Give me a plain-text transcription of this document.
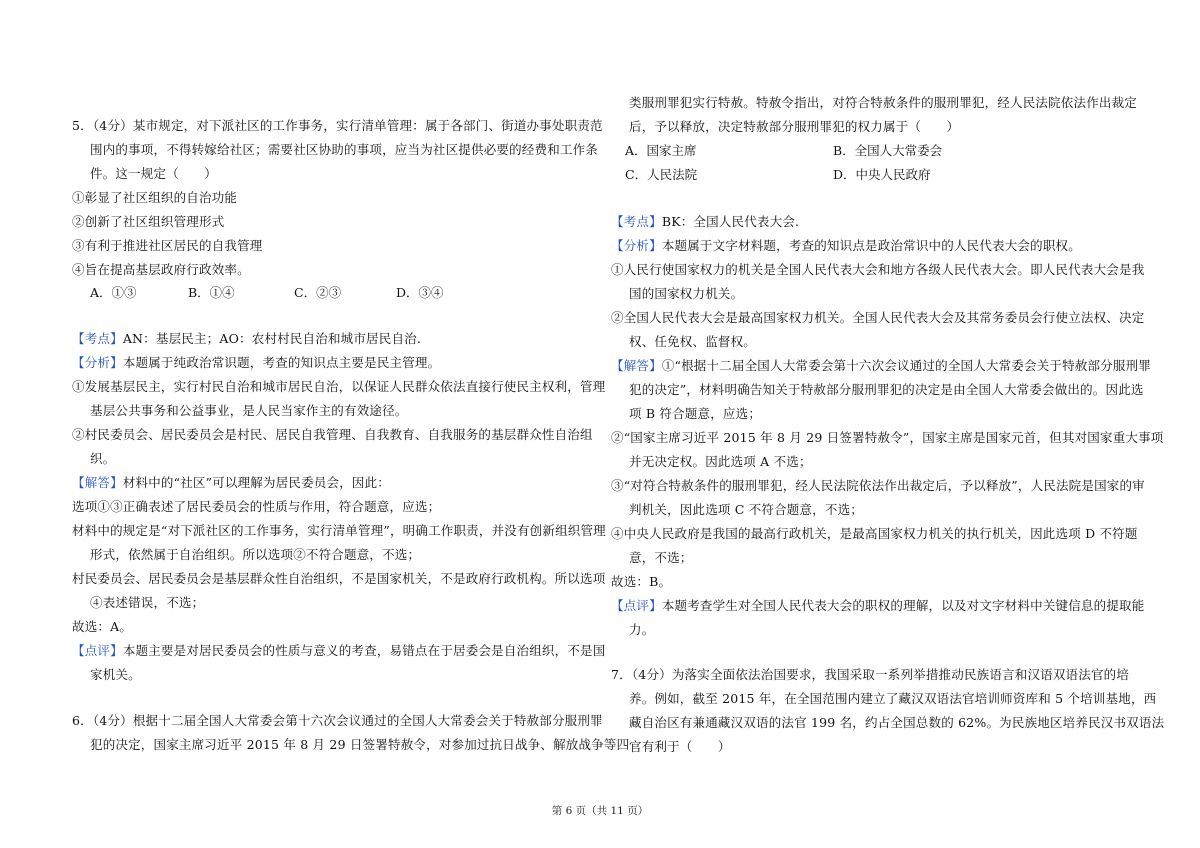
5．（4分）某市规定，对下派社区的工作事务，实行清单管理：属于各部门、街道办事处职责范
围内的事项，不得转嫁给社区；需要社区协助的事项，应当为社区提供必要的经费和工作条
件。这一规定（　　）
①彰显了社区组织的自治功能
②创新了社区组织管理形式
③有利于推进社区居民的自我管理
④旨在提高基层政府行政效率。
A．①③	B．①④	C．②③	D．③④
【考点】AN：基层民主；AO：农村村民自治和城市居民自治.
【分析】本题属于纯政治常识题，考查的知识点主要是民主管理。
①发展基层民主，实行村民自治和城市居民自治，以保证人民群众依法直接行使民主权利，管理
基层公共事务和公益事业，是人民当家作主的有效途径。
②村民委员会、居民委员会是村民、居民自我管理、自我教育、自我服务的基层群众性自治组
织。
【解答】材料中的“社区”可以理解为居民委员会，因此：
选项①③正确表述了居民委员会的性质与作用，符合题意，应选；
材料中的规定是“对下派社区的工作事务，实行清单管理”，明确工作职责，并没有创新组织管理
形式，依然属于自治组织。所以选项②不符合题意，不选；
村民委员会、居民委员会是基层群众性自治组织，不是国家机关，不是政府行政机构。所以选项
④表述错误，不选；
故选：A。
【点评】本题主要是对居民委员会的性质与意义的考查，易错点在于居委会是自治组织，不是国
家机关。
6．（4分）根据十二届全国人大常委会第十六次会议通过的全国人大常委会关于特赦部分服刑罪
犯的决定，国家主席习近平 2015 年 8 月 29 日签署特赦令，对参加过抗日战争、解放战争等四
类服刑罪犯实行特赦。特赦令指出，对符合特赦条件的服刑罪犯，经人民法院依法作出裁定
后，予以释放，决定特赦部分服刑罪犯的权力属于（　　）
A．国家主席	B．全国人大常委会
C．人民法院	D．中央人民政府
【考点】BK：全国人民代表大会.
【分析】本题属于文字材料题，考查的知识点是政治常识中的人民代表大会的职权。
①人民行使国家权力的机关是全国人民代表大会和地方各级人民代表大会。即人民代表大会是我
国的国家权力机关。
②全国人民代表大会是最高国家权力机关。全国人民代表大会及其常务委员会行使立法权、决定
权、任免权、监督权。
【解答】①“根据十二届全国人大常委会第十六次会议通过的全国人大常委会关于特赦部分服刑罪
犯的决定”，材料明确告知关于特赦部分服刑罪犯的决定是由全国人大常委会做出的。因此选
项 B 符合题意，应选；
②“国家主席习近平 2015 年 8 月 29 日签署特赦令”，国家主席是国家元首，但其对国家重大事项
并无决定权。因此选项 A 不选；
③“对符合特赦条件的服刑罪犯，经人民法院依法作出裁定后，予以释放”，人民法院是国家的审
判机关，因此选项 C 不符合题意，不选；
④中央人民政府是我国的最高行政机关，是最高国家权力机关的执行机关，因此选项 D 不符题
意，不选；
故选：B。
【点评】本题考查学生对全国人民代表大会的职权的理解，以及对文字材料中关键信息的提取能
力。
7．（4分）为落实全面依法治国要求，我国采取一系列举措推动民族语言和汉语双语法官的培
养。例如，截至 2015 年，在全国范围内建立了藏汉双语法官培训师资库和 5 个培训基地，西
藏自治区有兼通藏汉双语的法官 199 名，约占全国总数的 62%。为民族地区培养民汉书双语法
官有利于（　　）
第 6 页（共 11 页）
